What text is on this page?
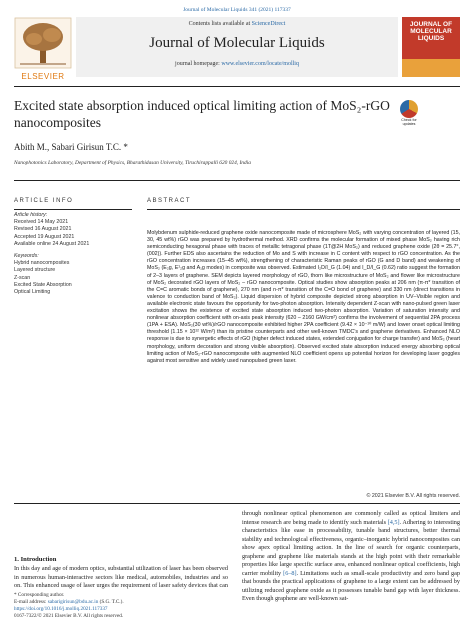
Journal of Molecular Liquids 341 (2021) 117337
ELSEVIER
Contents lists available at ScienceDirect
Journal of Molecular Liquids
journal homepage: www.elsevier.com/locate/molliq
JOURNAL OF MOLECULAR LIQUIDS
Excited state absorption induced optical limiting action of MoS₂-rGO nanocomposites	Check for updates
Abith M., Sabari Girisun T.C. *
Nanophotonics Laboratory, Department of Physics, Bharathidasan University, Tiruchirappalli 620 024, India
ARTICLE INFO	ABSTRACT
Article history:
Received 14 May 2021
Revised 16 August 2021
Accepted 19 August 2021
Available online 24 August 2021
Keywords:
Hybrid nanocomposites
Layered structure
Z-scan
Excited State Absorption
Optical Limiting
Molybdenum sulphide-reduced graphene oxide nanocomposite made of microsphere MoS₂ with varying concentration of layered (15, 30, 45 wt%) rGO was prepared by hydrothermal method. XRD confirms the molecular formation of mixed phase MoS₂ having rich semiconducting hexagonal phase with traces of metallic tetragonal phase (1T@2H MoS₂) and reduced graphene oxide (2θ = 25.7°, (002)). Further EDS also ascertains the reduction of Mo and S with increase in C content with respect to rGO concentration. As the rGO concentration increases (15–45 wt%), strengthening of characteristic Raman peaks of rGO (G and D band) and weakening of MoS₂ (E₂g, E¹₂g and A₁g modes) in composite was observed. Estimated I₂D/I_G (1.04) and I_D/I_G (0.62) ratio suggest the formation of 2–3 layers of graphene. SEM depicts layered morphology of rGO, thorn like microstructure of MoS₂ and flower like microstructure of MoS₂ decorated rGO layers of MoS₂ – rGO nanocomposite. Optical studies show absorption peaks at 206 nm (π-π* transition of the C=C aromatic bonds of graphene), 270 nm (and n-π* transition of the C=O bond of graphene) and 330 nm (direct transitions in valence to conduction band of MoS₂). Liquid dispersion of hybrid composite depicted strong absorption in UV–Visible region and available electronic state favours the opportunity for two-photon absorption. Intensity dependent Z-scan with nano-pulsed green laser excitation shows the existence of excited state absorption induced two-photon absorption. Variation of saturation intensity and nonlinear absorption coefficient with on-axis peak intensity (620 – 2160 GW/cm²) confirms the involvement of sequential 2PA process (1PA + ESA). MoS₂(30 wt%)/rGO nanocomposite exhibited higher 2PA coefficient (9.42 × 10⁻¹⁰ m/W) and lower onset optical limiting threshold (1.15 × 10¹² W/m²) than its pristine counterparts and other well-known TMDC's and graphene derivatives. Enhanced NLO response is due to synergetic effects of rGO (higher defect induced states, extended conjugation for charge transfer) and MoS₂ (heart morphology, uniform decoration and strong visible absorption). Observed excited state absorption induced energy absorbing optical limiting action of MoS₂-rGO nanocomposite with augmented NLO coefficient opens up potential horizon for developing laser goggles against most sensitive and widely used nanopulsed green laser.
© 2021 Elsevier B.V. All rights reserved.
1. Introduction
In this day and age of modern optics, substantial utilization of laser has been observed in numerous human-interactive sectors like medical, automobiles, industries and so on. This enhanced usage of laser urges the requirement of laser safety devices that can
through nonlinear optical phenomenon are commonly called as optical limiters and intense research are being made to identify such materials [4,5]. Adhering to interesting characteristics like ease in processability, tunable band structures, better thermal stability and technological effectiveness, organic–inorganic hybrid nanocomposites can show apex optical limiting action. In the line of search for organic counterparts, graphene and graphene like materials stands at the high point with their remarkable properties like large specific surface area, enhanced nonlinear optical coefficients, high carrier mobility [6–8]. Limitations such as small-scale productivity and zero band gap that bounds the practical applications of graphene to a large extent can be addressed by utilizing reduced graphene oxide as it possesses tunable band gap with layer thickness. Even though graphene are well-known sat-
* Corresponding author.
E-mail address: sabarigirisun@bdu.ac.in (S.G. T.C.).
https://doi.org/10.1016/j.molliq.2021.117337
0167-7322/© 2021 Elsevier B.V. All rights reserved.
